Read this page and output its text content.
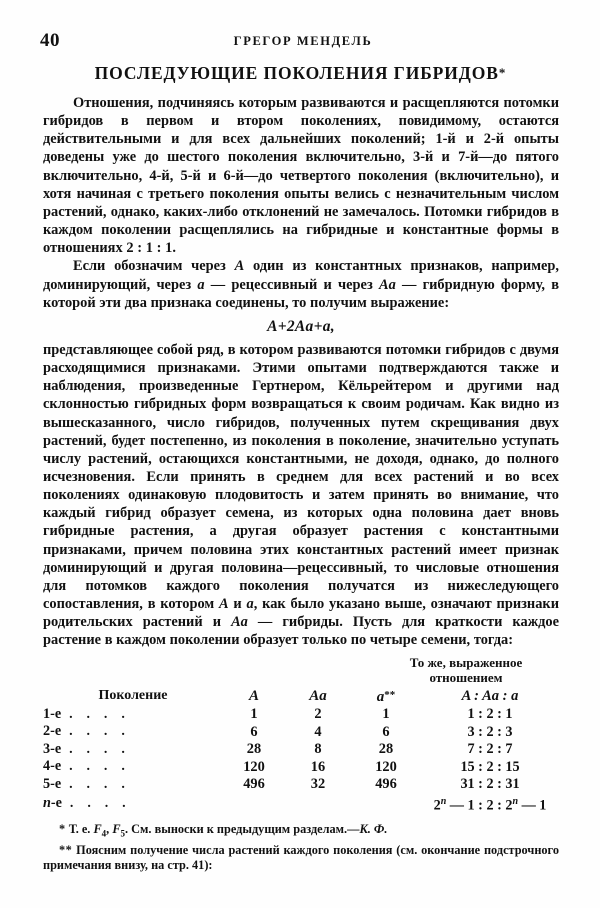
40	ГРЕГОР МЕНДЕЛЬ
ПОСЛЕДУЮЩИЕ ПОКОЛЕНИЯ ГИБРИДОВ*

Отношения, подчиняясь которым развиваются и расщепляются потомки гибридов в первом и втором поколениях, повидимому, остаются действительными и для всех дальнейших поколений; 1-й и 2-й опыты доведены уже до шестого поколения включительно, 3-й и 7-й—до пятого включительно, 4-й, 5-й и 6-й—до четвертого поколения (включительно), и хотя начиная с третьего поколения опыты велись с незначительным числом растений, однако, каких-либо отклонений не замечалось. Потомки гибридов в каждом поколении расщеплялись на гибридные и константные формы в отношениях 2 : 1 : 1.

Если обозначим через A один из константных признаков, например, доминирующий, через a — рецессивный и через Aa — гибридную форму, в которой эти два признака соединены, то получим выражение:

A+2Aa+a,

представляющее собой ряд, в котором развиваются потомки гибридов с двумя расходящимися признаками. Этими опытами подтверждаются также и наблюдения, произведенные Гертнером, Кёльрейтером и другими над склонностью гибридных форм возвращаться к своим родичам. Как видно из вышесказанного, число гибридов, полученных путем скрещивания двух растений, будет постепенно, из поколения в поколение, значительно уступать числу растений, остающихся константными, не доходя, однако, до полного исчезновения. Если принять в среднем для всех растений и во всех поколениях одинаковую плодовитость и затем принять во внимание, что каждый гибрид образует семена, из которых одна половина дает вновь гибридные растения, а другая образует растения с константными признаками, причем половина этих константных растений имеет признак доминирующий и другая половина—рецессивный, то числовые отношения для потомков каждого поколения получатся из нижеследующего сопоставления, в котором A и a, как было указано выше, означают признаки родительских растений и Aa — гибриды. Пусть для краткости каждое растение в каждом поколении образует только по четыре семени, тогда:

То же, выраженное
отношением
Поколение	A	Aa	a**	A : Aa : a
1-е . . . .	1	2	1	1 : 2 : 1
2-е . . . .	6	4	6	3 : 2 : 3
3-е . . . .	28	8	28	7 : 2 : 7
4-е . . . .	120	16	120	15 : 2 : 15
5-е . . . .	496	32	496	31 : 2 : 31
n-е . . . .				2$^n$ — 1 : 2 : 2$^n$ — 1

* Т. е. $F_4$, $F_5$. См. выноски к предыдущим разделам.—К. Ф.

** Поясним получение числа растений каждого поколения (см. окончание подстрочного примечания внизу, на стр. 41):
